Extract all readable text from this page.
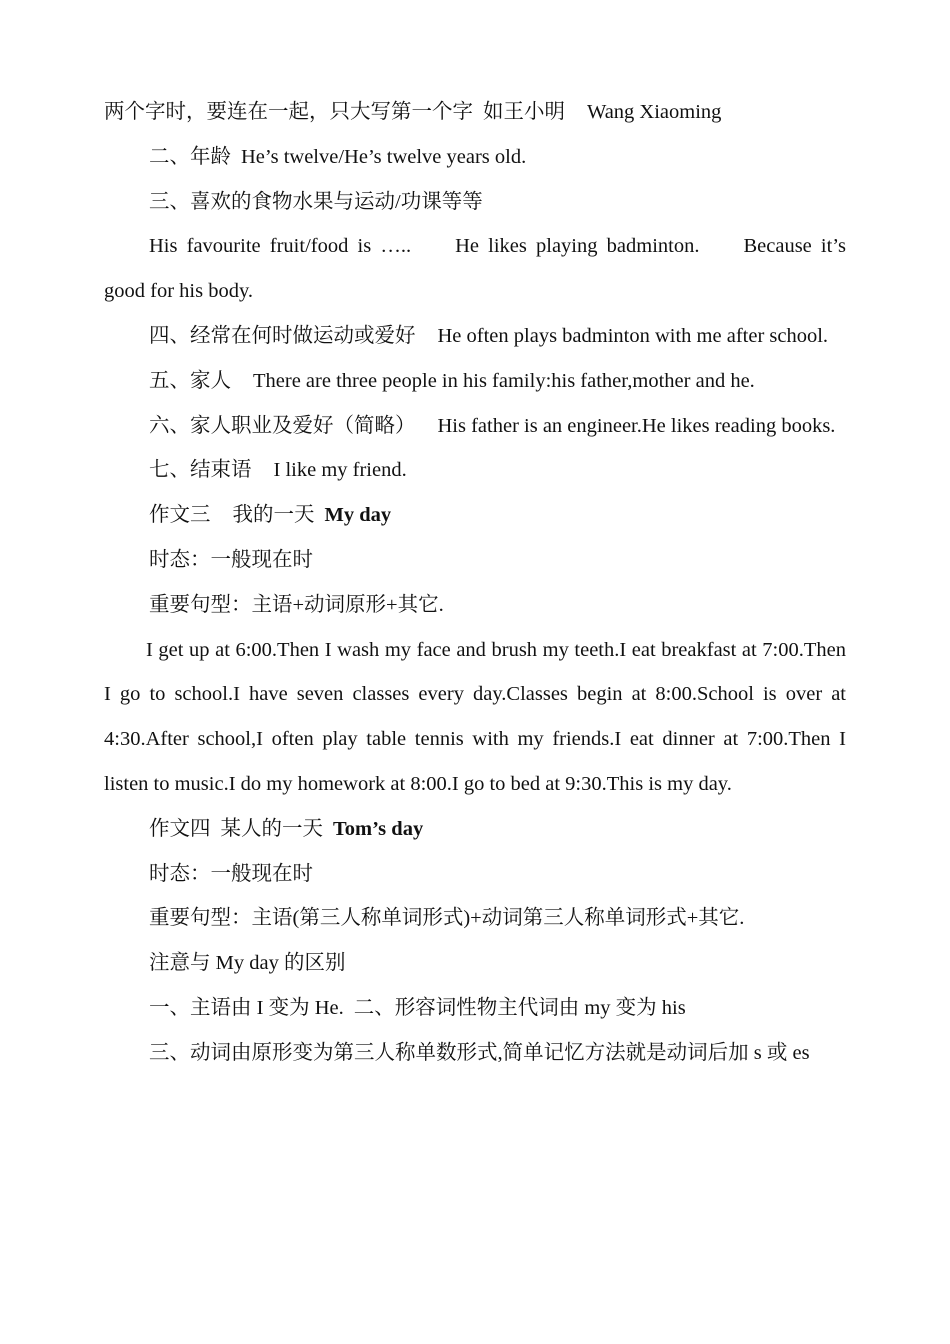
两个字时，要连在一起，只大写第一个字 如王小明 Wang Xiaoming

二、年龄 He’s twelve/He’s twelve years old.

三、喜欢的食物水果与运动/功课等等

His favourite fruit/food is ….. He likes playing badminton. Because it’s good for his body.

四、经常在何时做运动或爱好 He often plays badminton with me after school.

五、家人 There are three people in his family:his father,mother and he.

六、家人职业及爱好（简略） His father is an engineer.He likes reading books.

七、结束语 I like my friend.

作文三 我的一天 My day

时态：一般现在时

重要句型：主语+动词原形+其它.

I get up at 6:00.Then I wash my face and brush my teeth.I eat breakfast at 7:00.Then I go to school.I have seven classes every day.Classes begin at 8:00.School is over at 4:30.After school,I often play table tennis with my friends.I eat dinner at 7:00.Then I listen to music.I do my homework at 8:00.I go to bed at 9:30.This is my day.

作文四 某人的一天 Tom’s day

时态：一般现在时

重要句型：主语(第三人称单词形式)+动词第三人称单词形式+其它.

注意与 My day 的区别

一、主语由 I 变为 He. 二、形容词性物主代词由 my 变为 his

三、动词由原形变为第三人称单数形式,简单记忆方法就是动词后加 s 或 es
